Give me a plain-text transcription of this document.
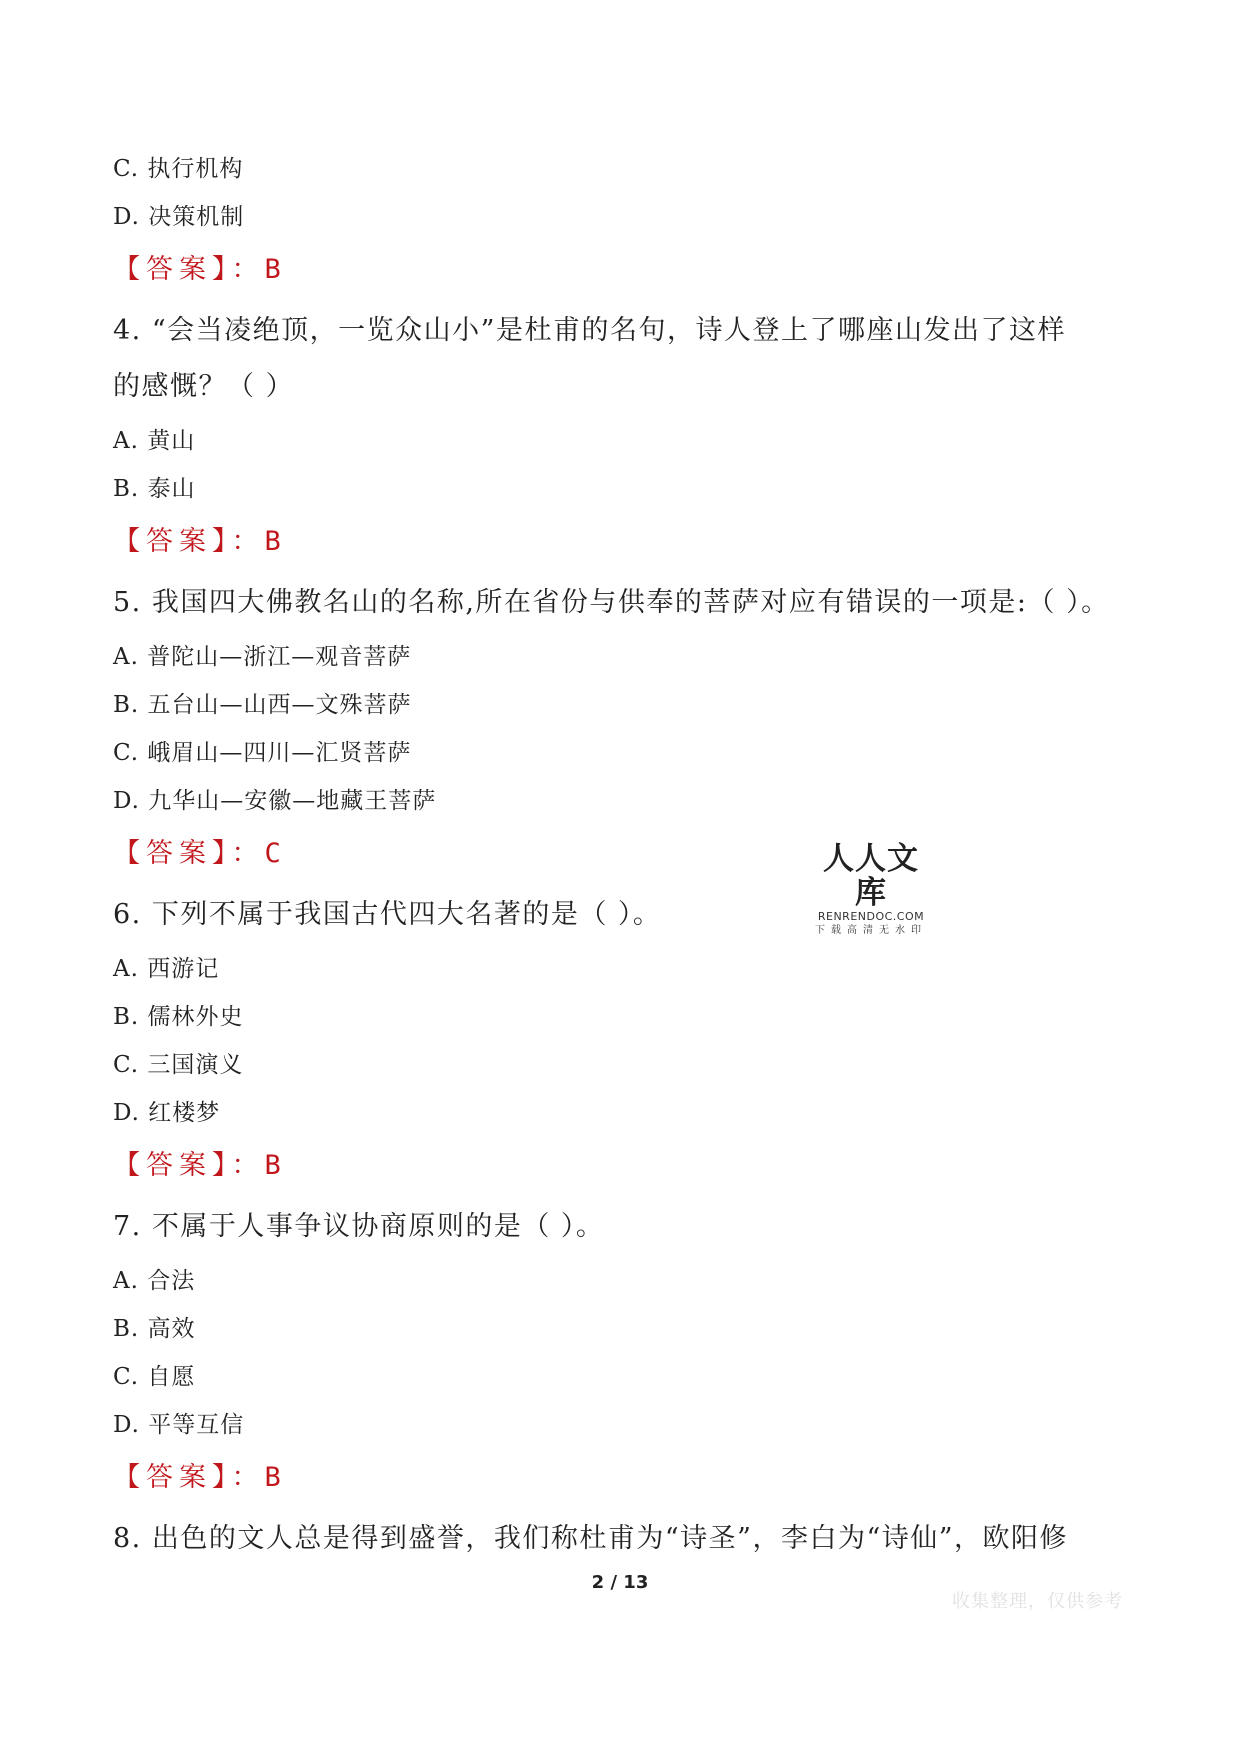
C. 执行机构
D. 决策机制
【答案】：B
4. “会当凌绝顶，一览众山小”是杜甫的名句，诗人登上了哪座山发出了这样
的感慨？（ ）
A. 黄山
B. 泰山
【答案】：B
5. 我国四大佛教名山的名称,所在省份与供奉的菩萨对应有错误的一项是:（ ）。
A. 普陀山—浙江—观音菩萨
B. 五台山—山西—文殊菩萨
C. 峨眉山—四川—汇贤菩萨
D. 九华山—安徽—地藏王菩萨
【答案】：C
6. 下列不属于我国古代四大名著的是（ ）。
A. 西游记
B. 儒林外史
C. 三国演义
D. 红楼梦
【答案】：B
7. 不属于人事争议协商原则的是（ ）。
A. 合法
B. 高效
C. 自愿
D. 平等互信
【答案】：B
8. 出色的文人总是得到盛誉，我们称杜甫为“诗圣”，李白为“诗仙”，欧阳修
人人文库
RENRENDOC.COM
下载高清无水印
2 / 13
收集整理，仅供参考
